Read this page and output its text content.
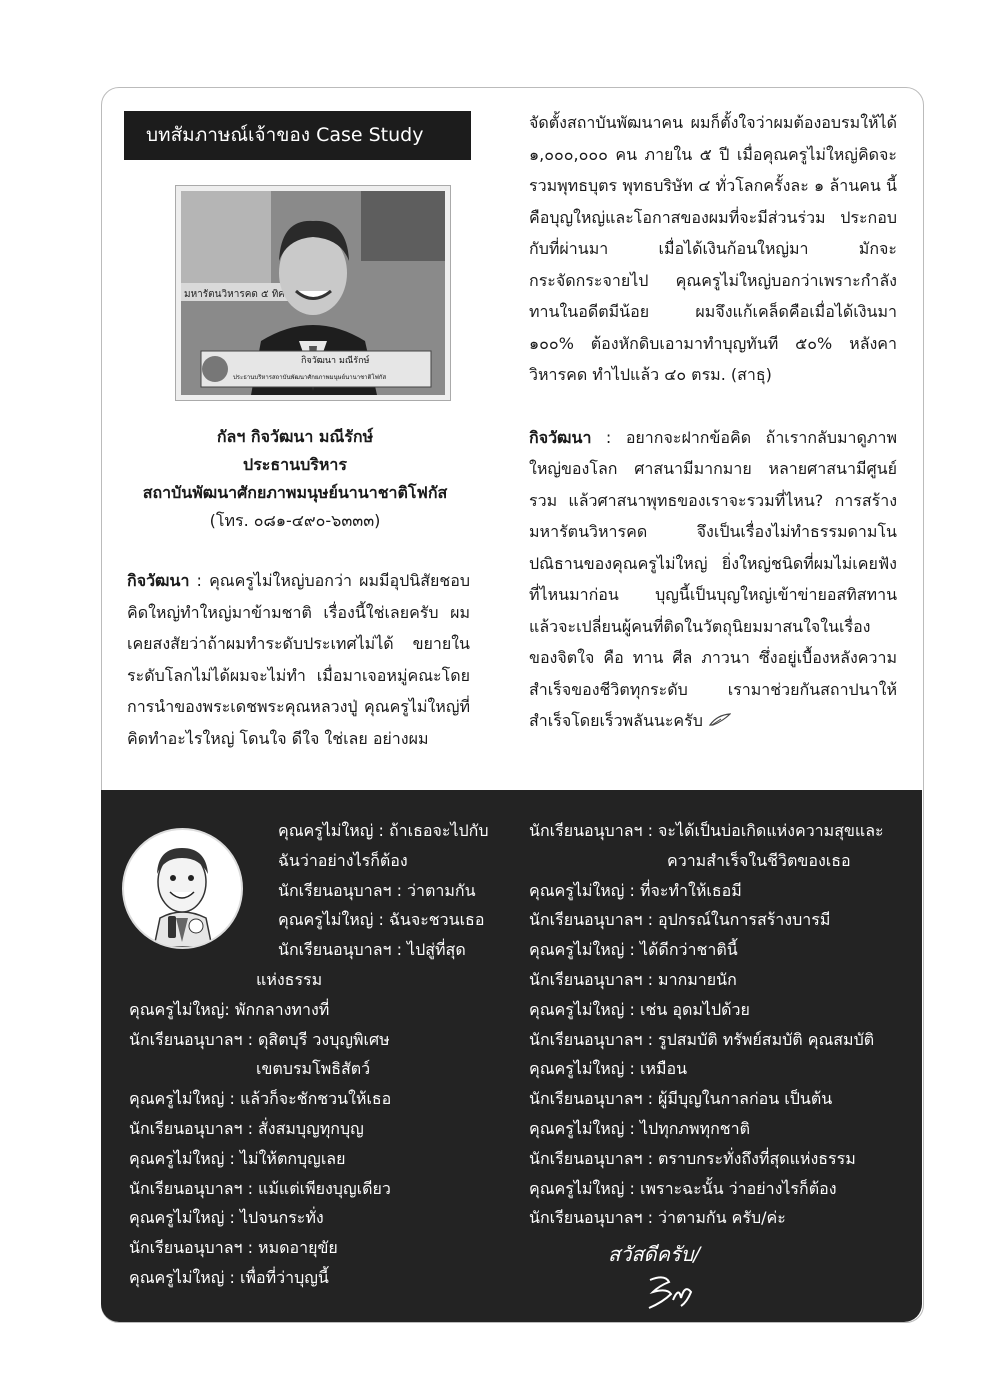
บทสัมภาษณ์เจ้าของ Case Study
มหารัตนวิหารคด ๕ ทิศ
กิจวัฒนา มณีรักษ์
ประธานบริหารสถาบันพัฒนาศักยภาพมนุษย์นานาชาติโฟกัส
กัลฯ กิจวัฒนา มณีรักษ์
ประธานบริหาร
สถาบันพัฒนาศักยภาพมนุษย์นานาชาติโฟกัส
(โทร. ๐๘๑-๔๙๐-๖๓๓๓)

กิจวัฒนา : คุณครูไม่ใหญ่บอกว่า ผมมีอุปนิสัยชอบคิดใหญ่ทำใหญ่มาข้ามชาติ เรื่องนี้ใช่เลยครับ ผมเคยสงสัยว่าถ้าผมทำระดับประเทศไม่ได้ ขยายในระดับโลกไม่ได้ผมจะไม่ทำ เมื่อมาเจอหมู่คณะโดยการนำของพระเดชพระคุณหลวงปู่ คุณครูไม่ใหญ่ที่คิดทำอะไรใหญ่ โดนใจ ดีใจ ใช่เลย อย่างผม

จัดตั้งสถาบันพัฒนาคน ผมก็ตั้งใจว่าผมต้องอบรมให้ได้ ๑,๐๐๐,๐๐๐ คน ภายใน ๕ ปี เมื่อคุณครูไม่ใหญ่คิดจะรวมพุทธบุตร พุทธบริษัท ๔ ทั่วโลกครั้งละ ๑ ล้านคน นี้คือบุญใหญ่และโอกาสของผมที่จะมีส่วนร่วม ประกอบกับที่ผ่านมา เมื่อได้เงินก้อนใหญ่มา มักจะกระจัดกระจายไป คุณครูไม่ใหญ่บอกว่าเพราะกำลังทานในอดีตมีน้อย ผมจึงแก้เคล็ดคือเมื่อได้เงินมา ๑๐๐% ต้องหักดิบเอามาทำบุญทันที ๕๐% หลังคาวิหารคด ทำไปแล้ว ๔๐ ตรม. (สาธุ)

กิจวัฒนา : อยากจะฝากข้อคิด ถ้าเรากลับมาดูภาพใหญ่ของโลก ศาสนามีมากมาย หลายศาสนามีศูนย์รวม แล้วศาสนาพุทธของเราจะรวมที่ไหน? การสร้างมหารัตนวิหารคด จึงเป็นเรื่องไม่ทำธรรมดามโนปณิธานของคุณครูไม่ใหญ่ ยิ่งใหญ่ชนิดที่ผมไม่เคยฟังที่ไหนมาก่อน บุญนี้เป็นบุญใหญ่เข้าข่ายอสทิสทาน แล้วจะเปลี่ยนผู้คนที่ติดในวัตถุนิยมมาสนใจในเรื่องของจิตใจ คือ ทาน ศีล ภาวนา ซึ่งอยู่เบื้องหลังความสำเร็จของชีวิตทุกระดับ เรามาช่วยกันสถาปนาให้สำเร็จโดยเร็วพลันนะครับ

คุณครูไม่ใหญ่ : ถ้าเธอจะไปกับ
ฉันว่าอย่างไรก็ต้อง
นักเรียนอนุบาลฯ : ว่าตามกัน
คุณครูไม่ใหญ่ : ฉันจะชวนเธอ
นักเรียนอนุบาลฯ : ไปสู่ที่สุด
แห่งธรรม
คุณครูไม่ใหญ่: พักกลางทางที่
นักเรียนอนุบาลฯ : ดุสิตบุรี วงบุญพิเศษ
เขตบรมโพธิสัตว์
คุณครูไม่ใหญ่ : แล้วก็จะชักชวนให้เธอ
นักเรียนอนุบาลฯ : สั่งสมบุญทุกบุญ
คุณครูไม่ใหญ่ : ไม่ให้ตกบุญเลย
นักเรียนอนุบาลฯ : แม้แต่เพียงบุญเดียว
คุณครูไม่ใหญ่ : ไปจนกระทั่ง
นักเรียนอนุบาลฯ : หมดอายุขัย
คุณครูไม่ใหญ่ : เพื่อที่ว่าบุญนี้
นักเรียนอนุบาลฯ : จะได้เป็นบ่อเกิดแห่งความสุขและ
ความสำเร็จในชีวิตของเธอ
คุณครูไม่ใหญ่ : ที่จะทำให้เธอมี
นักเรียนอนุบาลฯ : อุปกรณ์ในการสร้างบารมี
คุณครูไม่ใหญ่ : ได้ดีกว่าชาตินี้
นักเรียนอนุบาลฯ : มากมายนัก
คุณครูไม่ใหญ่ : เช่น อุดมไปด้วย
นักเรียนอนุบาลฯ : รูปสมบัติ ทรัพย์สมบัติ คุณสมบัติ
คุณครูไม่ใหญ่ : เหมือน
นักเรียนอนุบาลฯ : ผู้มีบุญในกาลก่อน เป็นต้น
คุณครูไม่ใหญ่ : ไปทุกภพทุกชาติ
นักเรียนอนุบาลฯ : ตราบกระทั่งถึงที่สุดแห่งธรรม
คุณครูไม่ใหญ่ : เพราะฉะนั้น ว่าอย่างไรก็ต้อง
นักเรียนอนุบาลฯ : ว่าตามกัน ครับ/ค่ะ
สวัสดีครับ/
